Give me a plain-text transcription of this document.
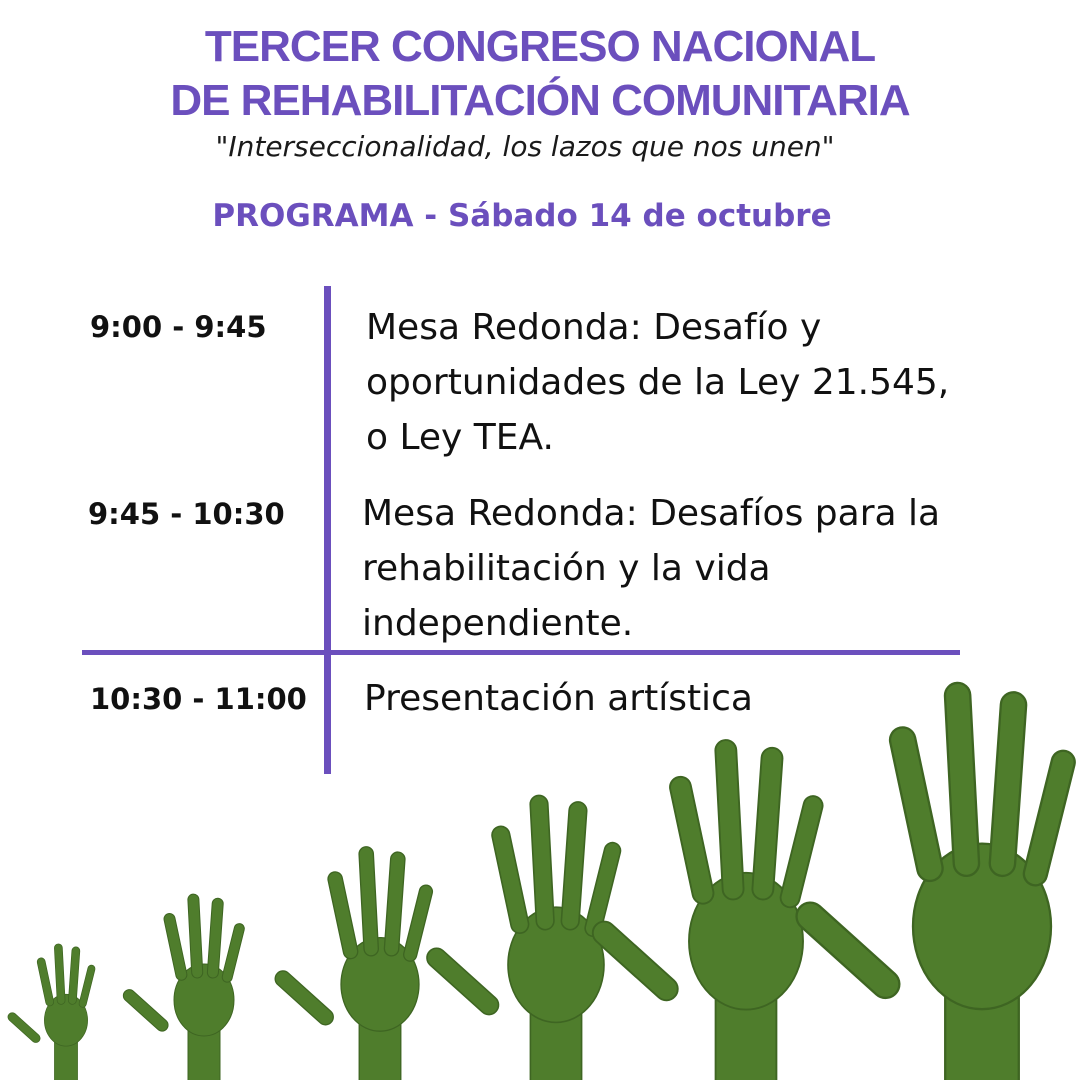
TERCER CONGRESO NACIONAL
DE REHABILITACIÓN COMUNITARIA
"Interseccionalidad, los lazos que nos unen"
PROGRAMA - Sábado 14 de octubre
9:00 - 9:45	Mesa Redonda: Desafío y
oportunidades de la Ley 21.545,
o Ley TEA.
9:45 - 10:30 Mesa Redonda: Desafíos para la
rehabilitación y la vida
independiente.
10:30 - 11:00 Presentación artística
